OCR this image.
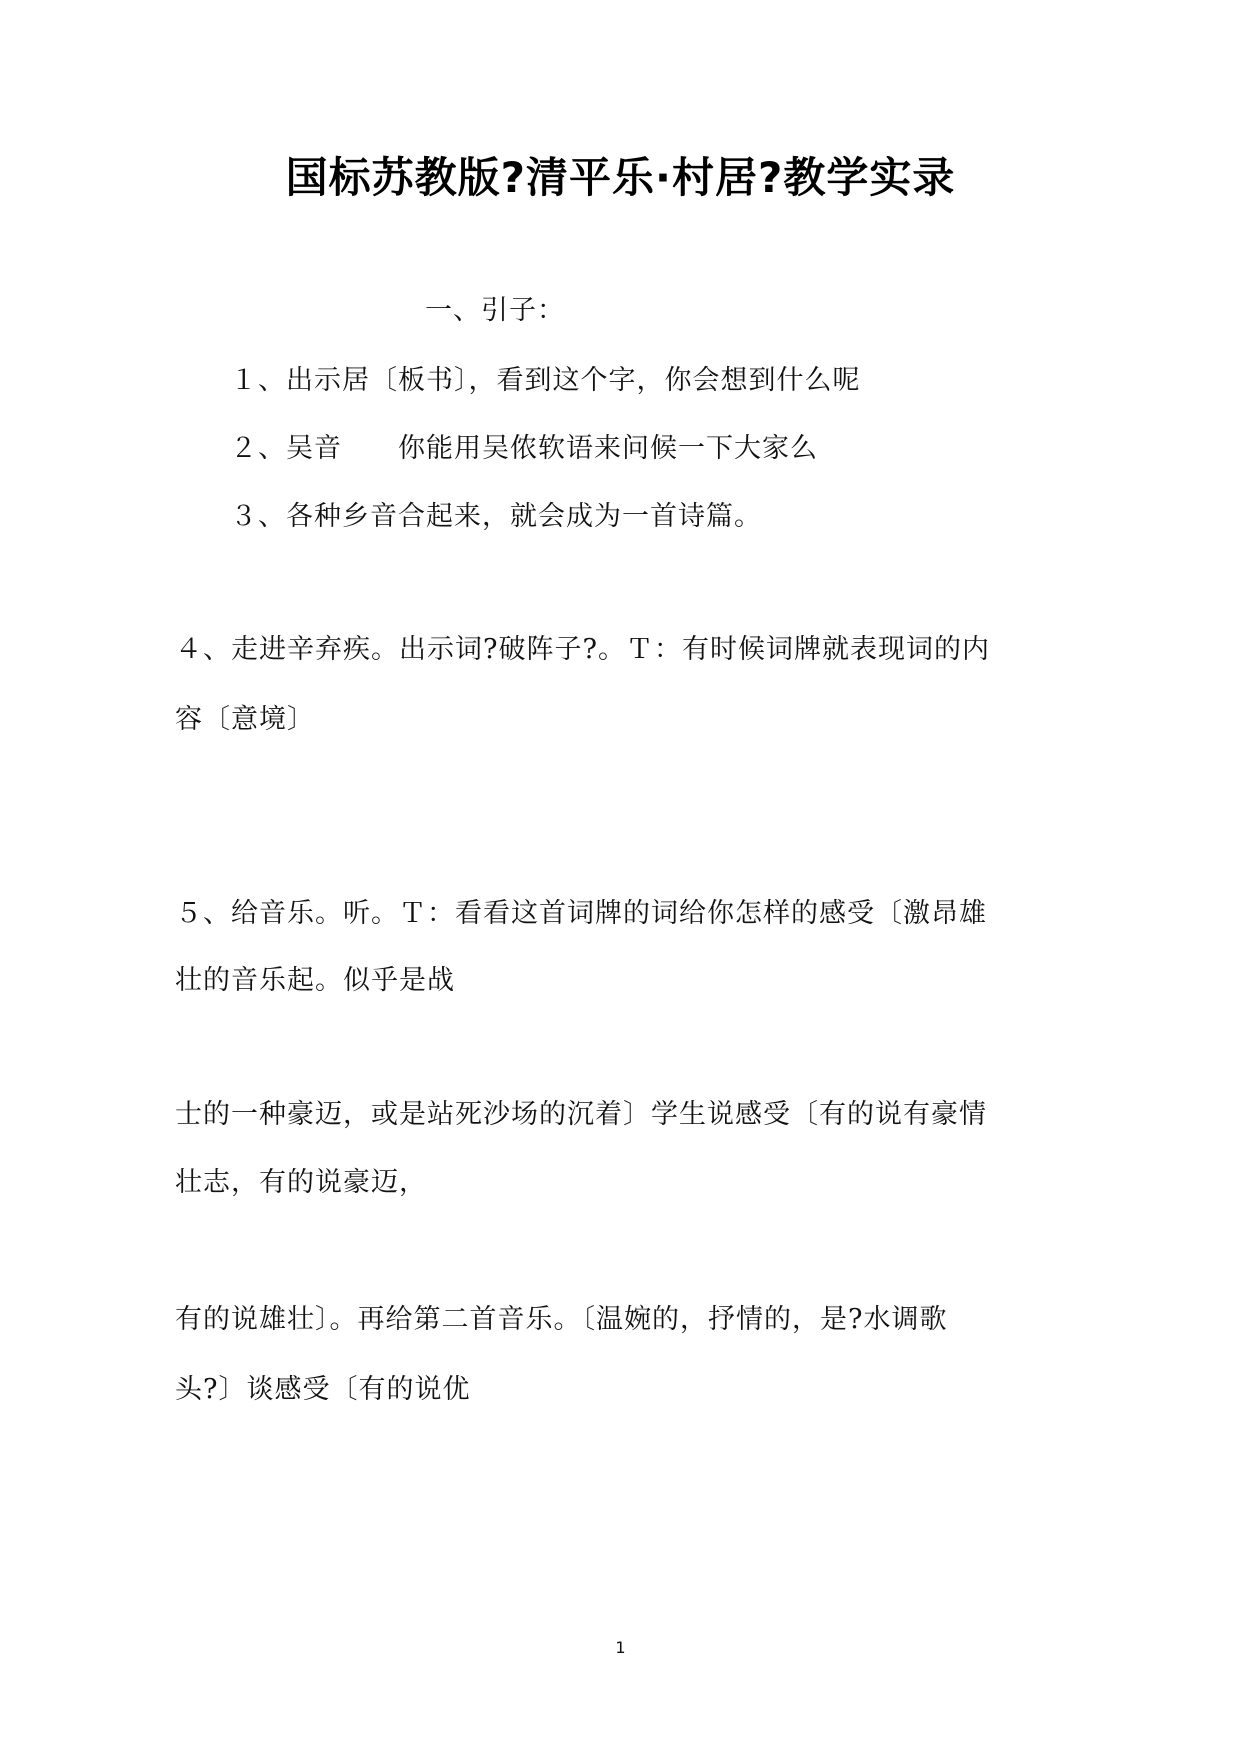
国标苏教版?清平乐·村居?教学实录
一、引子：
１、出示居〔板书〕，看到这个字，你会想到什么呢
２、吴音　　你能用吴侬软语来问候一下大家么
３、各种乡音合起来，就会成为一首诗篇。
４、走进辛弃疾。出示词?破阵子?。Ｔ：有时候词牌就表现词的内
容〔意境〕
５、给音乐。听。Ｔ：看看这首词牌的词给你怎样的感受〔激昂雄
壮的音乐起。似乎是战
士的一种豪迈，或是站死沙场的沉着〕学生说感受〔有的说有豪情
壮志，有的说豪迈，
有的说雄壮〕。再给第二首音乐。〔温婉的，抒情的，是?水调歌
头?〕谈感受〔有的说优
1
